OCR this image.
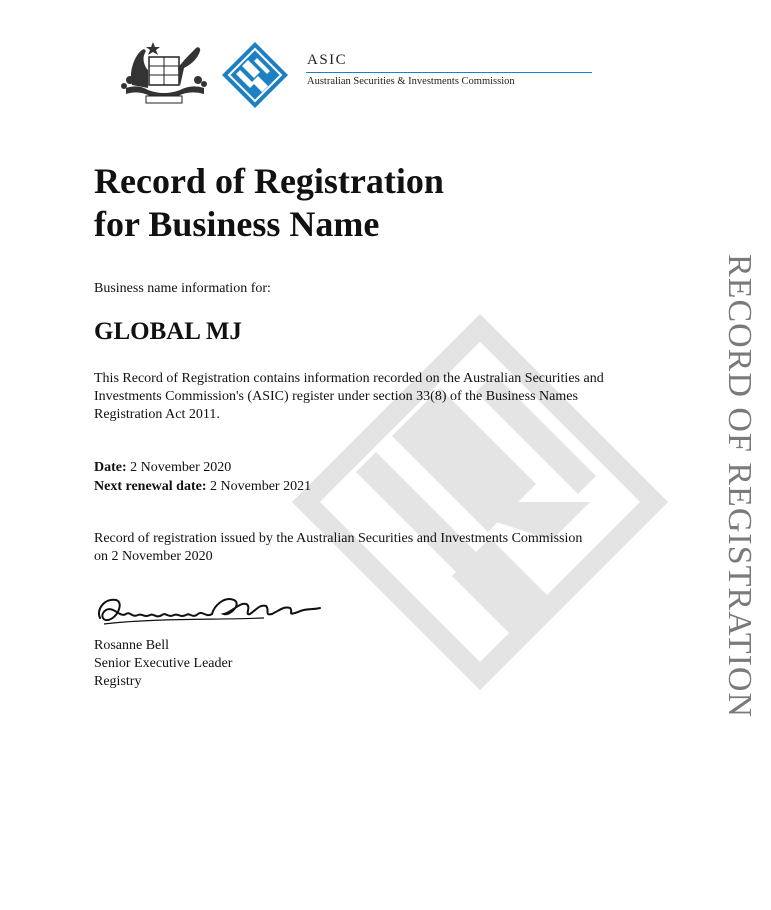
ASIC
Australian Securities & Investments Commission
RECORD OF REGISTRATION
Record of Registration
for Business Name

Business name information for:

GLOBAL MJ

This Record of Registration contains information recorded on the Australian Securities and Investments Commission's (ASIC) register under section 33(8) of the Business Names Registration Act 2011.

Date: 2 November 2020

Next renewal date: 2 November 2021

Record of registration issued by the Australian Securities and Investments Commission on 2 November 2020

Rosanne Bell

Senior Executive Leader

Registry
